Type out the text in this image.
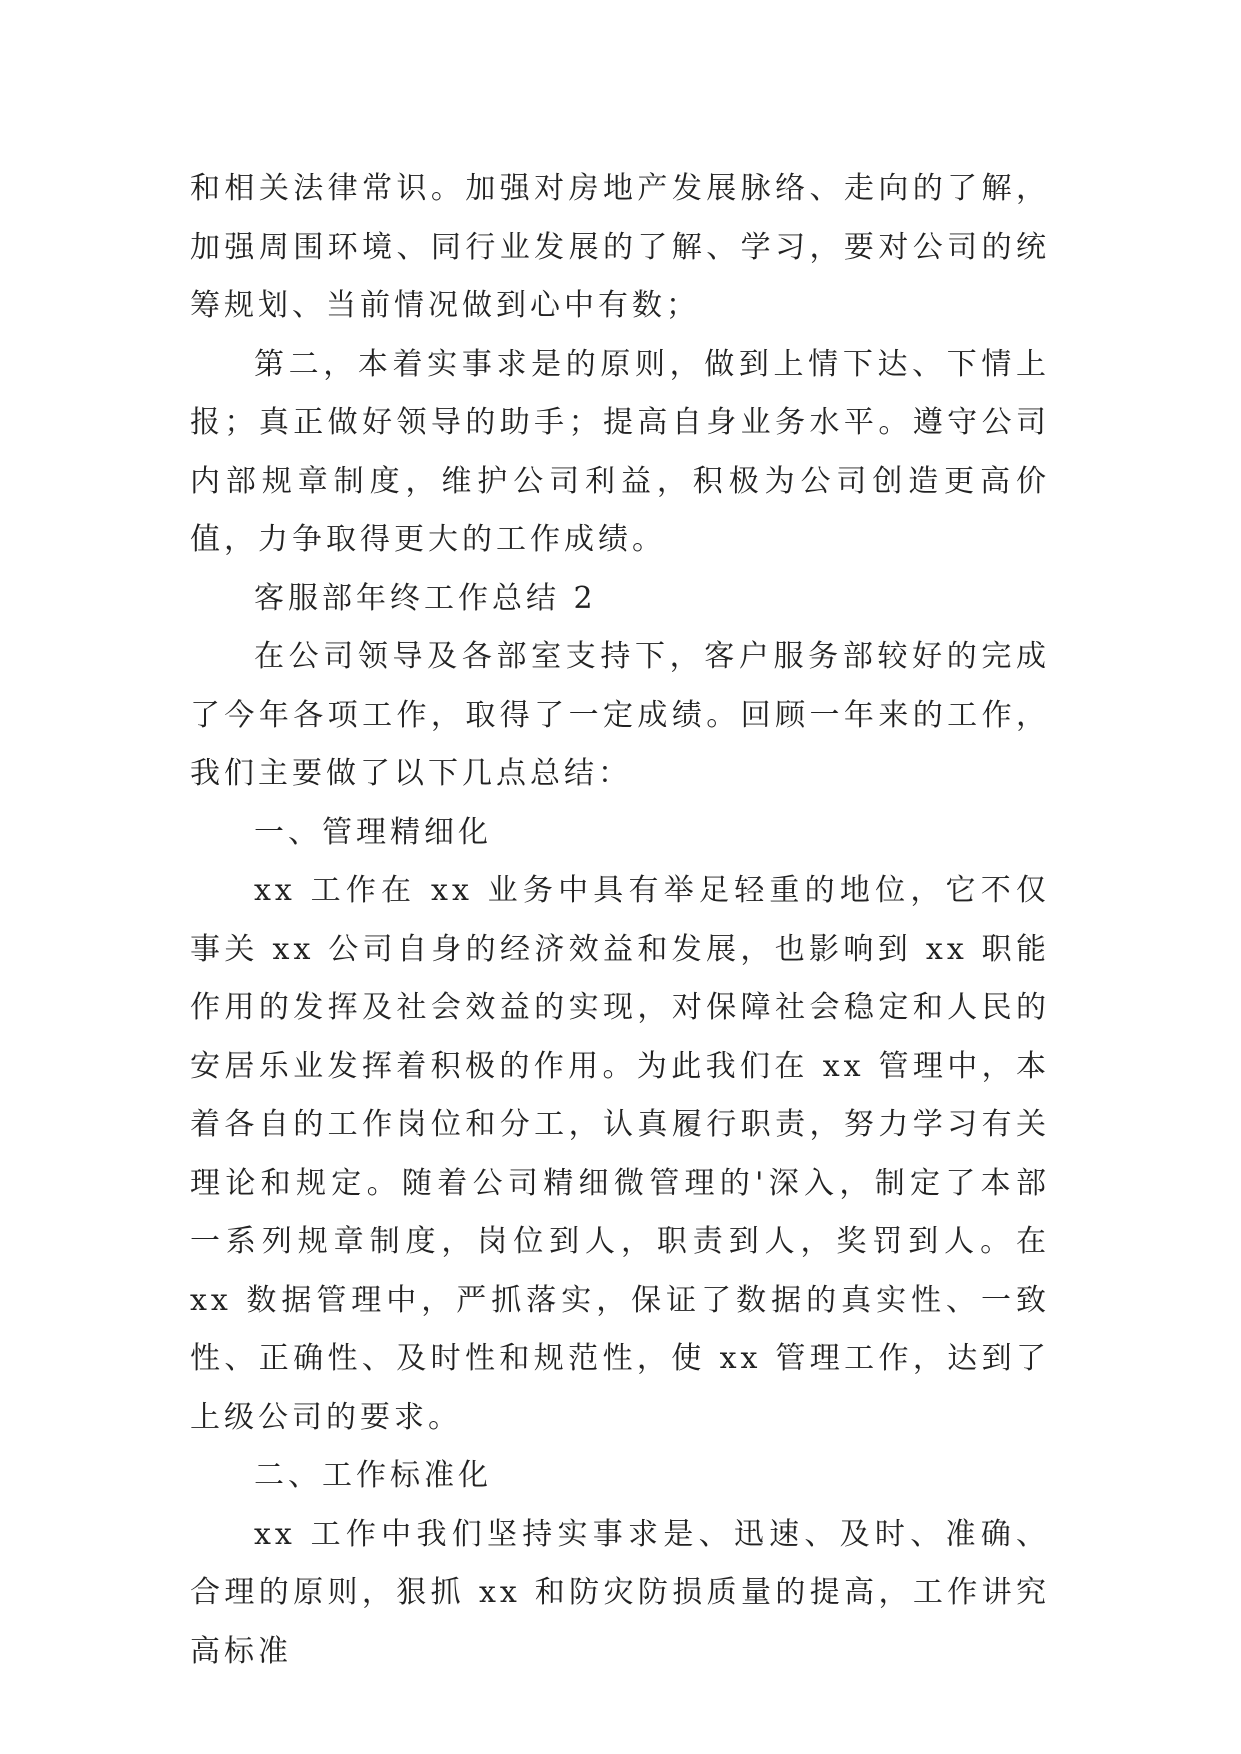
和相关法律常识。加强对房地产发展脉络、走向的了解，加强周围环境、同行业发展的了解、学习，要对公司的统筹规划、当前情况做到心中有数；

第二，本着实事求是的原则，做到上情下达、下情上报；真正做好领导的助手；提高自身业务水平。遵守公司内部规章制度，维护公司利益，积极为公司创造更高价值，力争取得更大的工作成绩。

客服部年终工作总结 2

在公司领导及各部室支持下，客户服务部较好的完成了今年各项工作，取得了一定成绩。回顾一年来的工作，我们主要做了以下几点总结：

一、管理精细化

xx 工作在 xx 业务中具有举足轻重的地位，它不仅事关 xx 公司自身的经济效益和发展，也影响到 xx 职能作用的发挥及社会效益的实现，对保障社会稳定和人民的安居乐业发挥着积极的作用。为此我们在 xx 管理中，本着各自的工作岗位和分工，认真履行职责，努力学习有关理论和规定。随着公司精细微管理的'深入，制定了本部一系列规章制度，岗位到人，职责到人，奖罚到人。在 xx 数据管理中，严抓落实，保证了数据的真实性、一致性、正确性、及时性和规范性，使 xx 管理工作，达到了上级公司的要求。

二、工作标准化

xx 工作中我们坚持实事求是、迅速、及时、准确、合理的原则，狠抓 xx 和防灾防损质量的提高，工作讲究高标准
